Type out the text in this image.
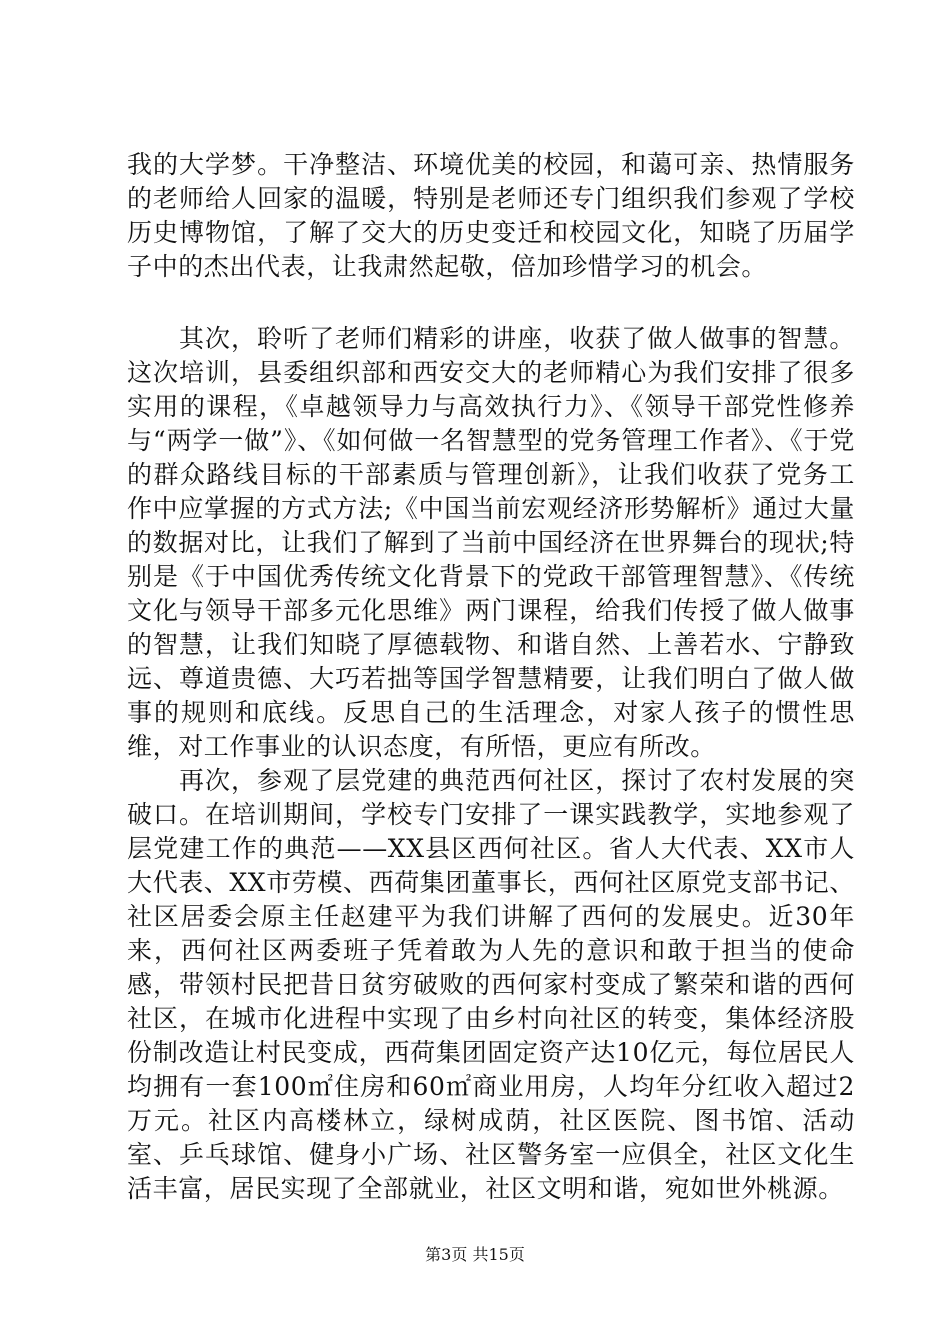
我的大学梦。干净整洁、环境优美的校园，和蔼可亲、热情服务的老师给人回家的温暖，特别是老师还专门组织我们参观了学校历史博物馆，了解了交大的历史变迁和校园文化，知晓了历届学子中的杰出代表，让我肃然起敬，倍加珍惜学习的机会。

其次，聆听了老师们精彩的讲座，收获了做人做事的智慧。这次培训，县委组织部和西安交大的老师精心为我们安排了很多实用的课程，《卓越领导力与高效执行力》、《领导干部党性修养与“两学一做”》、《如何做一名智慧型的党务管理工作者》、《于党的群众路线目标的干部素质与管理创新》，让我们收获了党务工作中应掌握的方式方法;《中国当前宏观经济形势解析》通过大量的数据对比，让我们了解到了当前中国经济在世界舞台的现状;特别是《于中国优秀传统文化背景下的党政干部管理智慧》、《传统文化与领导干部多元化思维》两门课程，给我们传授了做人做事的智慧，让我们知晓了厚德载物、和谐自然、上善若水、宁静致远、尊道贵德、大巧若拙等国学智慧精要，让我们明白了做人做事的规则和底线。反思自己的生活理念，对家人孩子的惯性思维，对工作事业的认识态度，有所悟，更应有所改。

再次，参观了层党建的典范西何社区，探讨了农村发展的突破口。在培训期间，学校专门安排了一课实践教学，实地参观了层党建工作的典范——XX县区西何社区。省人大代表、XX市人大代表、XX市劳模、西荷集团董事长，西何社区原党支部书记、社区居委会原主任赵建平为我们讲解了西何的发展史。近30年来，西何社区两委班子凭着敢为人先的意识和敢于担当的使命感，带领村民把昔日贫穷破败的西何家村变成了繁荣和谐的西何社区，在城市化进程中实现了由乡村向社区的转变，集体经济股份制改造让村民变成，西荷集团固定资产达10亿元，每位居民人均拥有一套100㎡住房和60㎡商业用房，人均年分红收入超过2万元。社区内高楼林立，绿树成荫，社区医院、图书馆、活动室、乒乓球馆、健身小广场、社区警务室一应俱全，社区文化生活丰富，居民实现了全部就业，社区文明和谐，宛如世外桃源。

第3页 共15页
